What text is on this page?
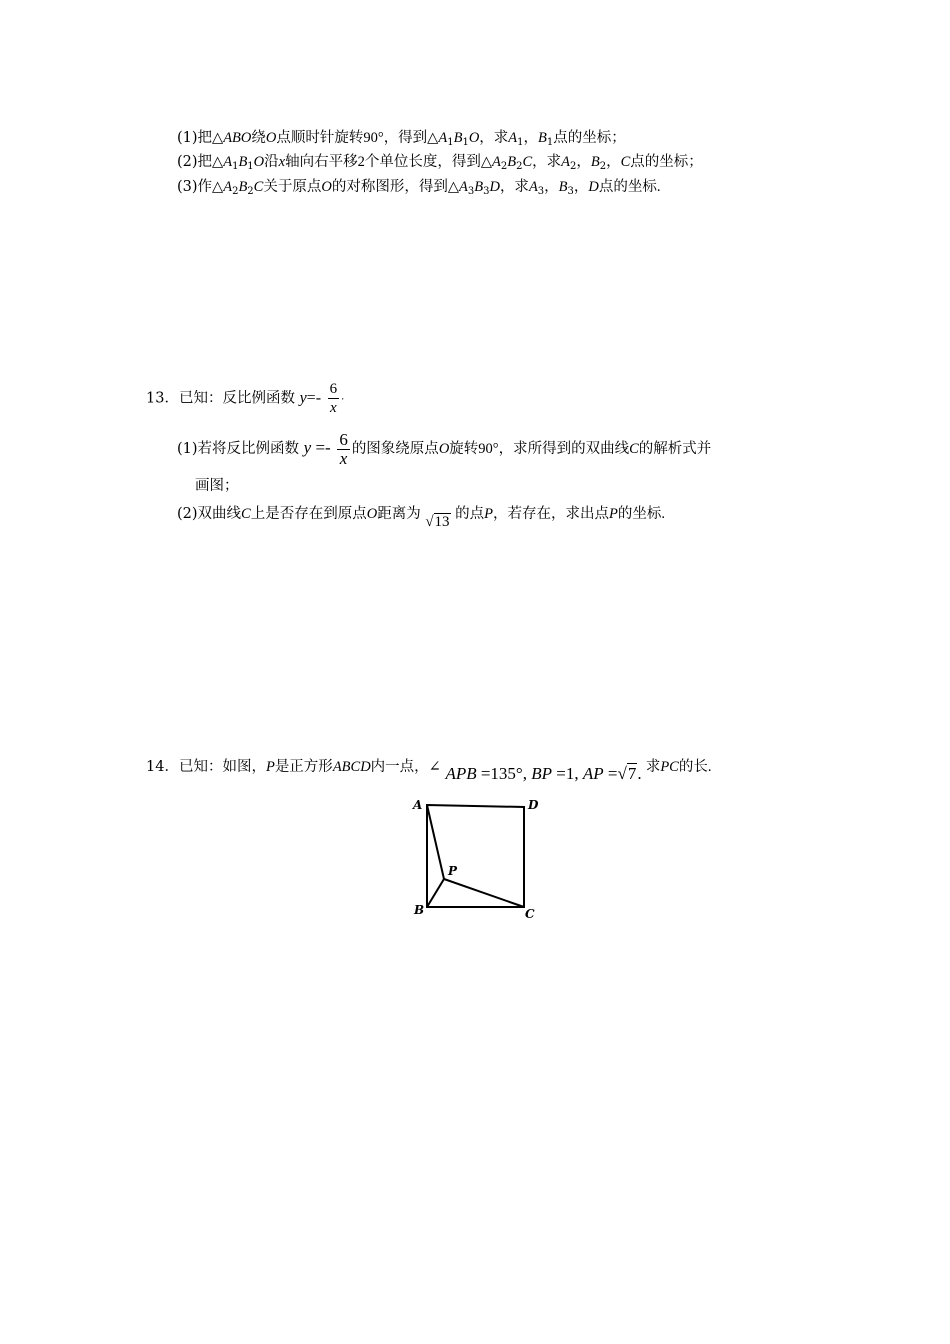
(1)把△ABO绕O点顺时针旋转90°，得到$\triangle A_1B_1O$，求$A_1$，$B_1$点的坐标；
(2)把$\triangle A_1B_1O$沿x轴向右平移2个单位长度，得到$\triangle A_2B_2C$，求$A_2$，$B_2$，C点的坐标；
(3)作$\triangle A_2B_2C$关于原点O的对称图形，得到$\triangle A_3B_3D$，求$A_3$，$B_3$，D点的坐标.
13．已知：反比例函数 $y=- \frac{6}{x}$ ·
(1)若将反比例函数 $y =- \frac{6}{x}$ 的图象绕原点O旋转90°，求所得到的双曲线C的解析式并
画图；
(2)双曲线C上是否存在到原点O距离为 √13 的点P，若存在，求出点P的坐标.
14．已知：如图，P是正方形ABCD内一点，∠ APB =135°, BP =1, AP =√7. 求PC的长.
A	D
B	C
P
